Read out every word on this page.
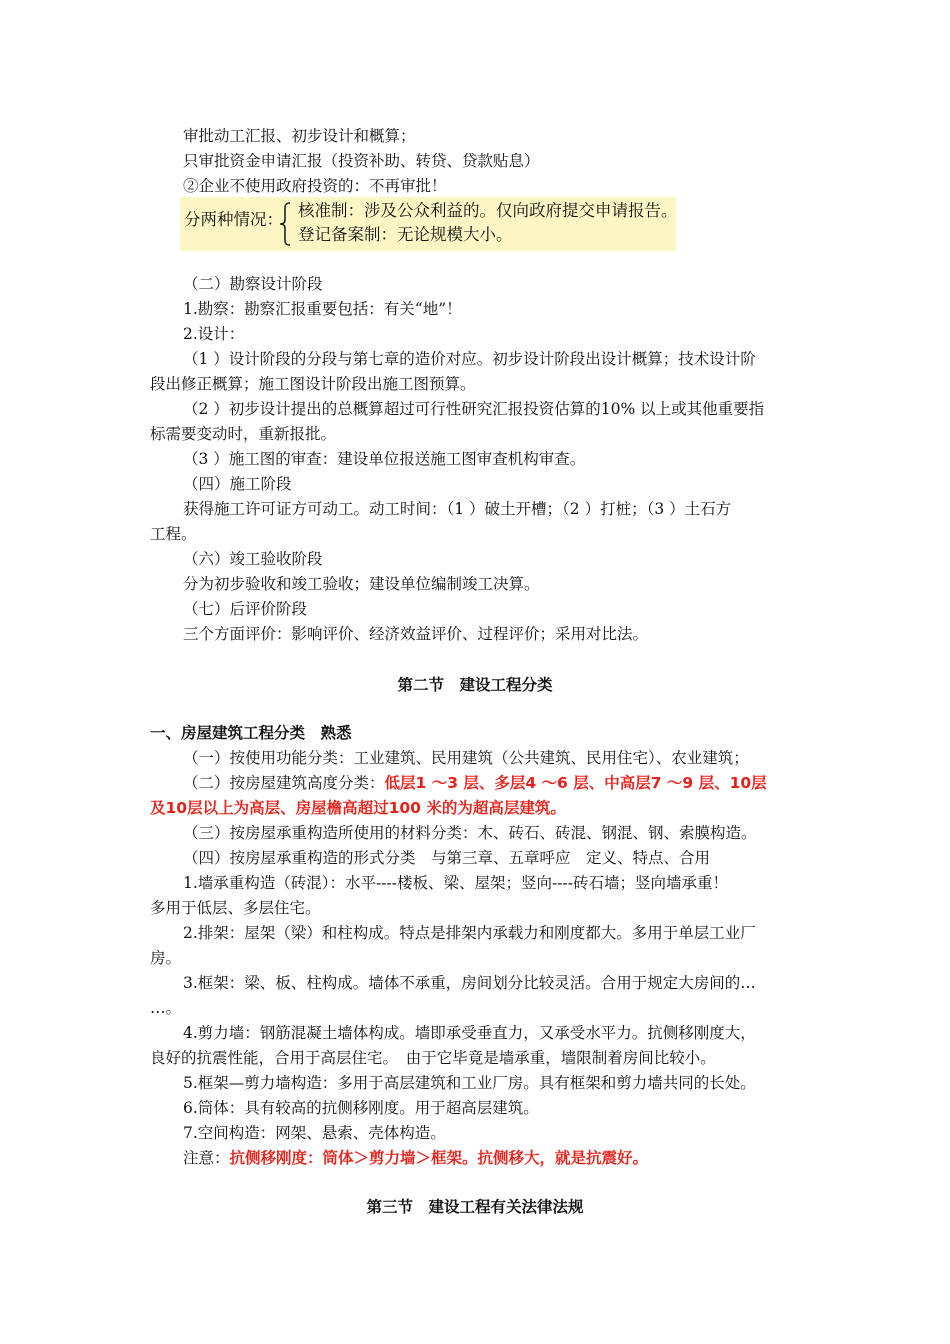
审批动工汇报、初步设计和概算；
只审批资金申请汇报（投资补助、转贷、贷款贴息）
②企业不使用政府投资的：不再审批！
分两种情况： 核准制：涉及公众利益的。仅向政府提交申请报告。
登记备案制：无论规模大小。
（二）勘察设计阶段
1.勘察：勘察汇报重要包括：有关“地”！
2.设计：
（1 ）设计阶段的分段与第七章的造价对应。初步设计阶段出设计概算；技术设计阶
段出修正概算；施工图设计阶段出施工图预算。
（2 ）初步设计提出的总概算超过可行性研究汇报投资估算的10% 以上或其他重要指
标需要变动时，重新报批。
（3 ）施工图的审查：建设单位报送施工图审查机构审查。
（四）施工阶段
获得施工许可证方可动工。动工时间：（1 ）破土开槽；（2 ）打桩；（3 ）土石方
工程。
（六）竣工验收阶段
分为初步验收和竣工验收；建设单位编制竣工决算。
（七）后评价阶段
三个方面评价：影响评价、经济效益评价、过程评价；采用对比法。
第二节　建设工程分类
一、房屋建筑工程分类　熟悉
（一）按使用功能分类：工业建筑、民用建筑（公共建筑、民用住宅）、农业建筑；
（二）按房屋建筑高度分类：低层1 ～3 层、多层4 ～6 层、中高层7 ～9 层、10层
及10层以上为高层、房屋檐高超过100 米的为超高层建筑。
（三）按房屋承重构造所使用的材料分类：木、砖石、砖混、钢混、钢、索膜构造。
（四）按房屋承重构造的形式分类　与第三章、五章呼应　定义、特点、合用
1.墙承重构造（砖混）：水平----楼板、梁、屋架；竖向----砖石墙；竖向墙承重！
多用于低层、多层住宅。
2.排架：屋架（梁）和柱构成。特点是排架内承载力和刚度都大。多用于单层工业厂
房。
3.框架：梁、板、柱构成。墙体不承重，房间划分比较灵活。合用于规定大房间的…
…。
4.剪力墙：钢筋混凝土墙体构成。墙即承受垂直力，又承受水平力。抗侧移刚度大，
良好的抗震性能，合用于高层住宅。　由于它毕竟是墙承重，墙限制着房间比较小。
5.框架—剪力墙构造：多用于高层建筑和工业厂房。具有框架和剪力墙共同的长处。
6.筒体：具有较高的抗侧移刚度。用于超高层建筑。
7.空间构造：网架、悬索、壳体构造。
注意：抗侧移刚度：筒体＞剪力墙＞框架。抗侧移大，就是抗震好。
第三节　建设工程有关法律法规
